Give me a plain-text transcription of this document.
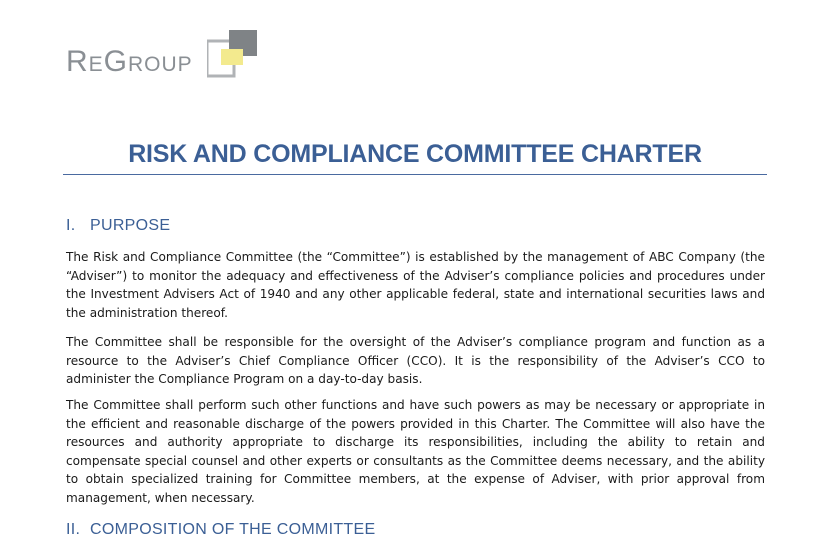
ReGroup
RISK AND COMPLIANCE COMMITTEE CHARTER
I. PURPOSE
The Risk and Compliance Committee (the “Committee”) is established by the management of ABC Company (the
“Adviser”) to monitor the adequacy and effectiveness of the Adviser’s compliance policies and procedures under
the Investment Advisers Act of 1940 and any other applicable federal, state and international securities laws and
the administration thereof.
The Committee shall be responsible for the oversight of the Adviser’s compliance program and function as a
resource to the Adviser’s Chief Compliance Officer (CCO). It is the responsibility of the Adviser’s CCO to
administer the Compliance Program on a day-to-day basis.
The Committee shall perform such other functions and have such powers as may be necessary or appropriate in
the efficient and reasonable discharge of the powers provided in this Charter. The Committee will also have the
resources and authority appropriate to discharge its responsibilities, including the ability to retain and
compensate special counsel and other experts or consultants as the Committee deems necessary, and the ability
to obtain specialized training for Committee members, at the expense of Adviser, with prior approval from
management, when necessary.
II. COMPOSITION OF THE COMMITTEE
